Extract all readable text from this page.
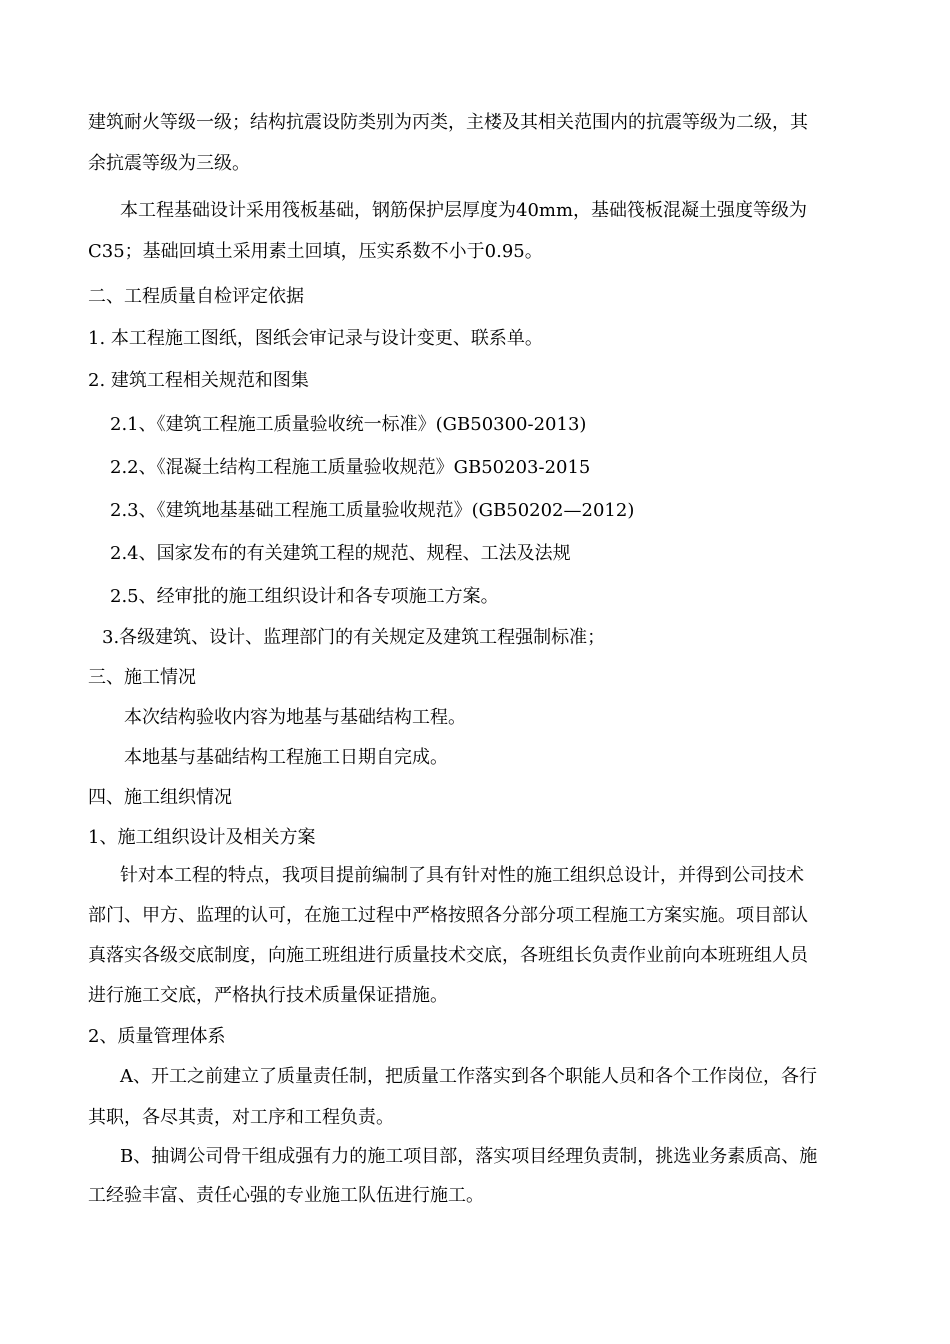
建筑耐火等级一级；结构抗震设防类别为丙类，主楼及其相关范围内的抗震等级为二级，其
余抗震等级为三级。
本工程基础设计采用筏板基础，钢筋保护层厚度为40mm，基础筏板混凝土强度等级为
C35；基础回填土采用素土回填，压实系数不小于0.95。
二、工程质量自检评定依据
1. 本工程施工图纸，图纸会审记录与设计变更、联系单。
2. 建筑工程相关规范和图集
2.1、《建筑工程施工质量验收统一标准》(GB50300-2013)
2.2、《混凝土结构工程施工质量验收规范》GB50203-2015
2.3、《建筑地基基础工程施工质量验收规范》(GB50202—2012)
2.4、国家发布的有关建筑工程的规范、规程、工法及法规
2.5、经审批的施工组织设计和各专项施工方案。
3.各级建筑、设计、监理部门的有关规定及建筑工程强制标准；
三、施工情况
本次结构验收内容为地基与基础结构工程。
本地基与基础结构工程施工日期自完成。
四、施工组织情况
1、施工组织设计及相关方案
针对本工程的特点，我项目提前编制了具有针对性的施工组织总设计，并得到公司技术
部门、甲方、监理的认可，在施工过程中严格按照各分部分项工程施工方案实施。项目部认
真落实各级交底制度，向施工班组进行质量技术交底，各班组长负责作业前向本班班组人员
进行施工交底，严格执行技术质量保证措施。
2、质量管理体系
A、开工之前建立了质量责任制，把质量工作落实到各个职能人员和各个工作岗位，各行
其职，各尽其责，对工序和工程负责。
B、抽调公司骨干组成强有力的施工项目部，落实项目经理负责制，挑选业务素质高、施
工经验丰富、责任心强的专业施工队伍进行施工。
